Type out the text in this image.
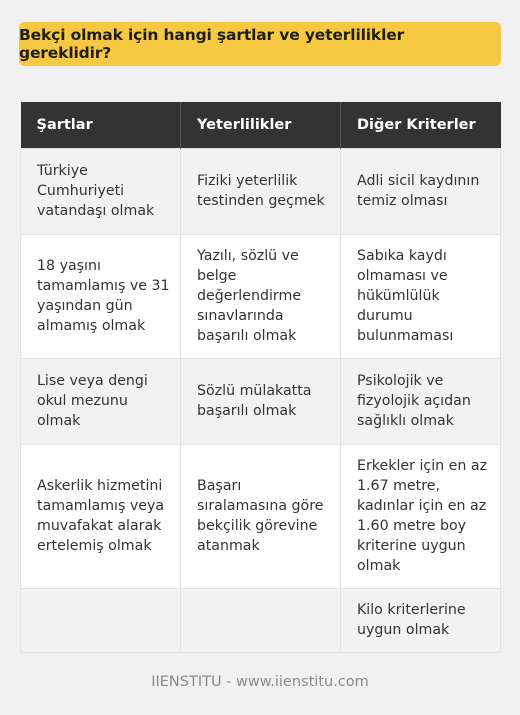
Bekçi olmak için hangi şartlar ve yeterlilikler gereklidir?
Şartlar	Yeterlilikler	Diğer Kriterler
Türkiye Cumhuriyeti vatandaşı olmak	Fiziki yeterlilik testinden geçmek	Adli sicil kaydının temiz olması
18 yaşını tamamlamış ve 31 yaşından gün almamış olmak	Yazılı, sözlü ve belge değerlendirme sınavlarında başarılı olmak	Sabıka kaydı olmaması ve hükümlülük durumu bulunmaması
Lise veya dengi okul mezunu olmak	Sözlü mülakatta başarılı olmak	Psikolojik ve fizyolojik açıdan sağlıklı olmak
Askerlik hizmetini tamamlamış veya muvafakat alarak ertelemiş olmak	Başarı sıralamasına göre bekçilik görevine atanmak	Erkekler için en az 1.67 metre, kadınlar için en az 1.60 metre boy kriterine uygun olmak
		Kilo kriterlerine uygun olmak
IIENSTITU - www.iienstitu.com
